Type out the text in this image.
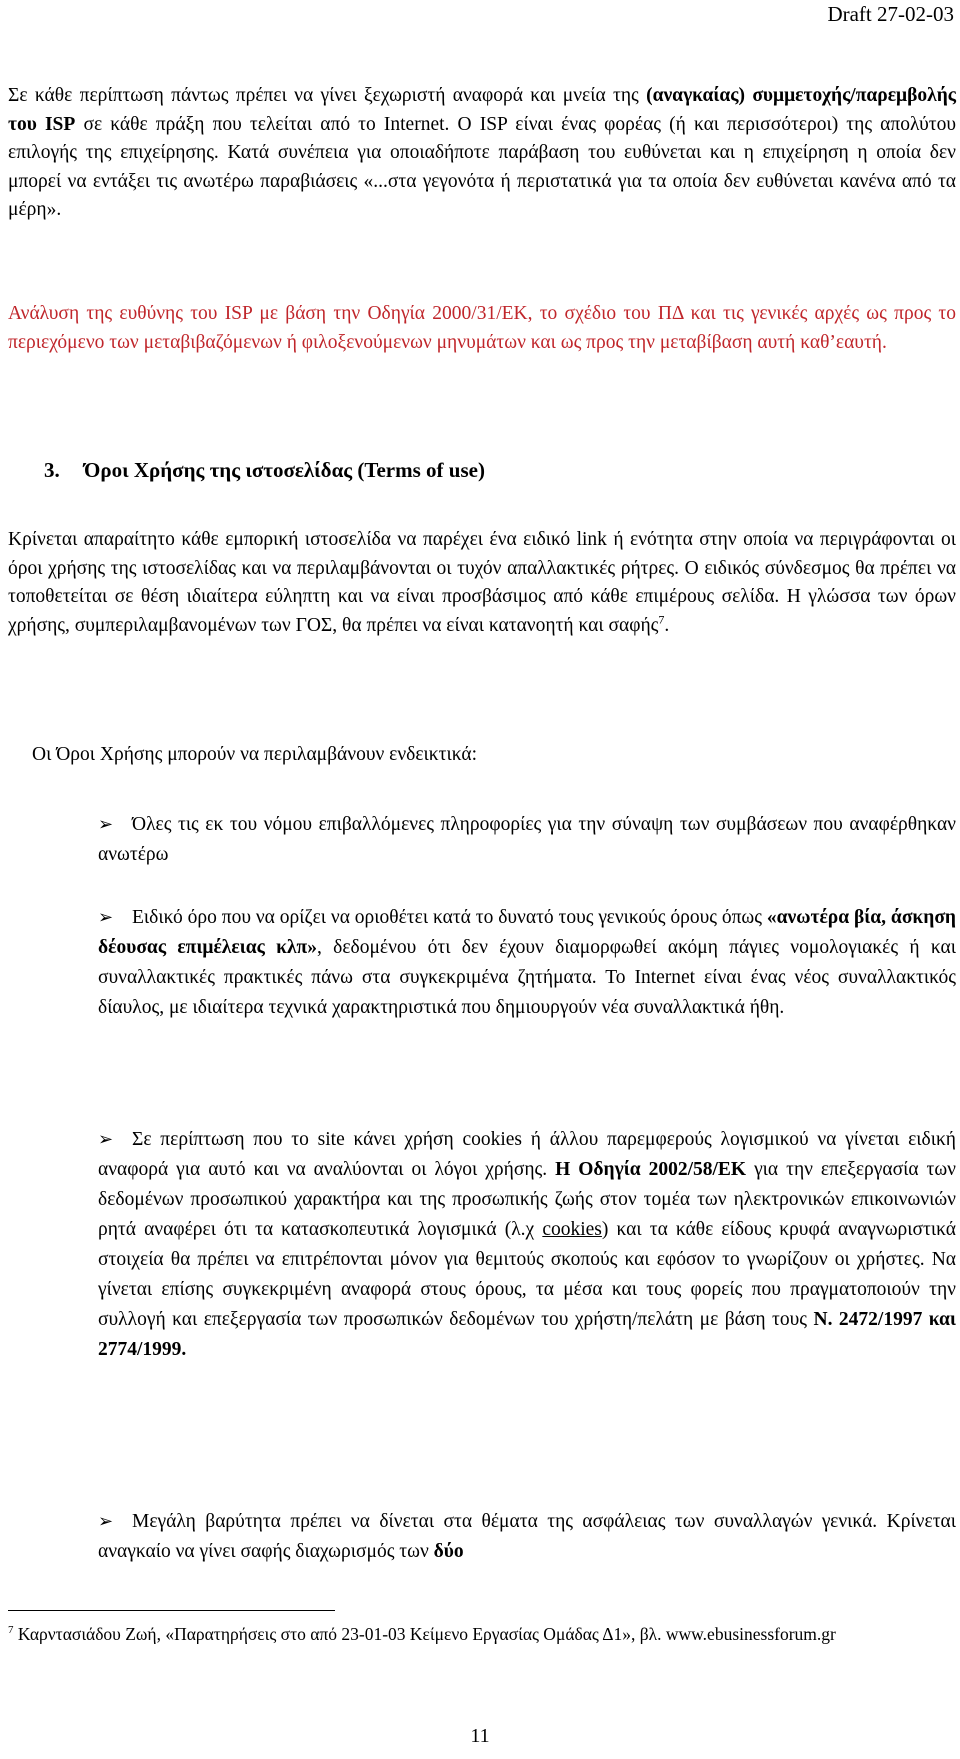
Draft 27-02-03

Σε κάθε περίπτωση πάντως πρέπει να γίνει ξεχωριστή αναφορά και μνεία της (αναγκαίας) συμμετοχής/παρεμβολής του ISP σε κάθε πράξη που τελείται από το Internet. Ο ISP είναι ένας φορέας (ή και περισσότεροι) της απολύτου επιλογής της επιχείρησης. Κατά συνέπεια για οποιαδήποτε παράβαση του ευθύνεται και η επιχείρηση η οποία δεν μπορεί να εντάξει τις ανωτέρω παραβιάσεις «...στα γεγονότα ή περιστατικά για τα οποία δεν ευθύνεται κανένα από τα μέρη».

Ανάλυση της ευθύνης του ISP με βάση την Οδηγία 2000/31/ΕΚ, το σχέδιο του ΠΔ και τις γενικές αρχές ως προς το περιεχόμενο των μεταβιβαζόμενων ή φιλοξενούμενων μηνυμάτων και ως προς την μεταβίβαση αυτή καθ’εαυτή.

3. Όροι Χρήσης της ιστοσελίδας (Terms of use)

Κρίνεται απαραίτητο κάθε εμπορική ιστοσελίδα να παρέχει ένα ειδικό link ή ενότητα στην οποία να περιγράφονται οι όροι χρήσης της ιστοσελίδας και να περιλαμβάνονται οι τυχόν απαλλακτικές ρήτρες. Ο ειδικός σύνδεσμος θα πρέπει να τοποθετείται σε θέση ιδιαίτερα εύληπτη και να είναι προσβάσιμος από κάθε επιμέρους σελίδα. Η γλώσσα των όρων χρήσης, συμπεριλαμβανομένων των ΓΟΣ, θα πρέπει να είναι κατανοητή και σαφής$^7$.

Οι Όροι Χρήσης μπορούν να περιλαμβάνουν ενδεικτικά:

➢ Όλες τις εκ του νόμου επιβαλλόμενες πληροφορίες για την σύναψη των συμβάσεων που αναφέρθηκαν ανωτέρω

➢ Ειδικό όρο που να ορίζει να οριοθέτει κατά το δυνατό τους γενικούς όρους όπως «ανωτέρα βία, άσκηση δέουσας επιμέλειας κλπ», δεδομένου ότι δεν έχουν διαμορφωθεί ακόμη πάγιες νομολογιακές ή και συναλλακτικές πρακτικές πάνω στα συγκεκριμένα ζητήματα. Το Internet είναι ένας νέος συναλλακτικός δίαυλος, με ιδιαίτερα τεχνικά χαρακτηριστικά που δημιουργούν νέα συναλλακτικά ήθη.

➢ Σε περίπτωση που το site κάνει χρήση cookies ή άλλου παρεμφερούς λογισμικού να γίνεται ειδική αναφορά για αυτό και να αναλύονται οι λόγοι χρήσης. Η Οδηγία 2002/58/ΕΚ για την επεξεργασία των δεδομένων προσωπικού χαρακτήρα και της προσωπικής ζωής στον τομέα των ηλεκτρονικών επικοινωνιών ρητά αναφέρει ότι τα κατασκοπευτικά λογισμικά (λ.χ cookies) και τα κάθε είδους κρυφά αναγνωριστικά στοιχεία θα πρέπει να επιτρέπονται μόνον για θεμιτούς σκοπούς και εφόσον το γνωρίζουν οι χρήστες. Να γίνεται επίσης συγκεκριμένη αναφορά στους όρους, τα μέσα και τους φορείς που πραγματοποιούν την συλλογή και επεξεργασία των προσωπικών δεδομένων του χρήστη/πελάτη με βάση τους Ν. 2472/1997 και 2774/1999.

➢ Μεγάλη βαρύτητα πρέπει να δίνεται στα θέματα της ασφάλειας των συναλλαγών γενικά. Κρίνεται αναγκαίο να γίνει σαφής διαχωρισμός των δύο

$^7$ Καρντασιάδου Ζωή, «Παρατηρήσεις στο από 23-01-03 Κείμενο Εργασίας Ομάδας Δ1», βλ. www.ebusinessforum.gr

11
